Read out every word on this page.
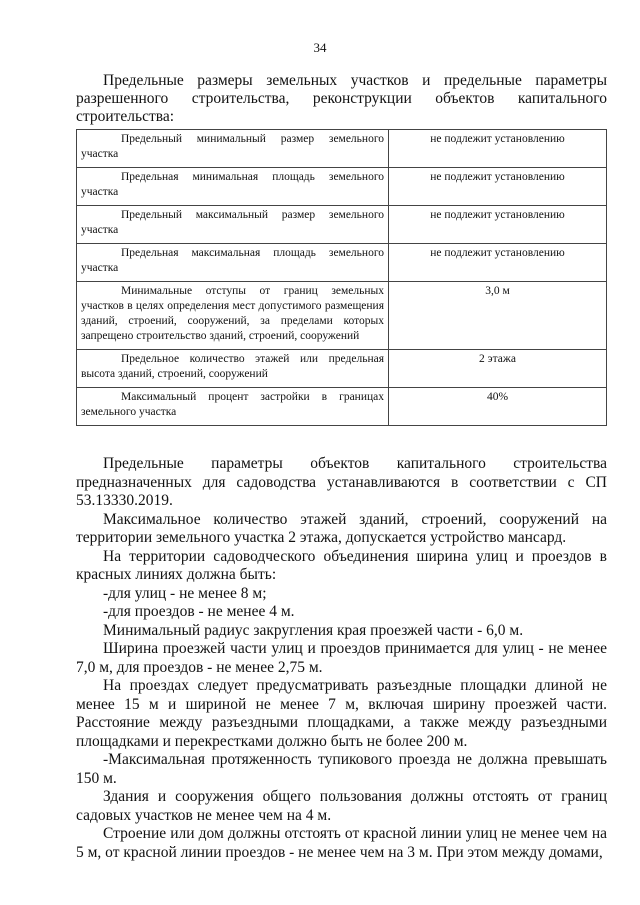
34

Предельные размеры земельных участков и предельные параметры разрешенного строительства, реконструкции объектов капитального строительства:

Предельный минимальный размер земельного участка	не подлежит установлению
Предельная минимальная площадь земельного участка	не подлежит установлению
Предельный максимальный размер земельного участка	не подлежит установлению
Предельная максимальная площадь земельного участка	не подлежит установлению
Минимальные отступы от границ земельных участков в целях определения мест допустимого размещения зданий, строений, сооружений, за пределами которых запрещено строительство зданий, строений, сооружений	3,0 м
Предельное количество этажей или предельная высота зданий, строений, сооружений	2 этажа
Максимальный процент застройки в границах земельного участка	40%

Предельные параметры объектов капитального строительства предназначенных для садоводства устанавливаются в соответствии с СП 53.13330.2019.

Максимальное количество этажей зданий, строений, сооружений на территории земельного участка 2 этажа, допускается устройство мансард.

На территории садоводческого объединения ширина улиц и проездов в красных линиях должна быть:

-для улиц - не менее 8 м;

-для проездов - не менее 4 м.

Минимальный радиус закругления края проезжей части - 6,0 м.

Ширина проезжей части улиц и проездов принимается для улиц - не менее 7,0 м, для проездов - не менее 2,75 м.

На проездах следует предусматривать разъездные площадки длиной не менее 15 м и шириной не менее 7 м, включая ширину проезжей части. Расстояние между разъездными площадками, а также между разъездными площадками и перекрестками должно быть не более 200 м.

-Максимальная протяженность тупикового проезда не должна превышать 150 м.

Здания и сооружения общего пользования должны отстоять от границ садовых участков не менее чем на 4 м.

Строение или дом должны отстоять от красной линии улиц не менее чем на 5 м, от красной линии проездов - не менее чем на 3 м. При этом между домами,
